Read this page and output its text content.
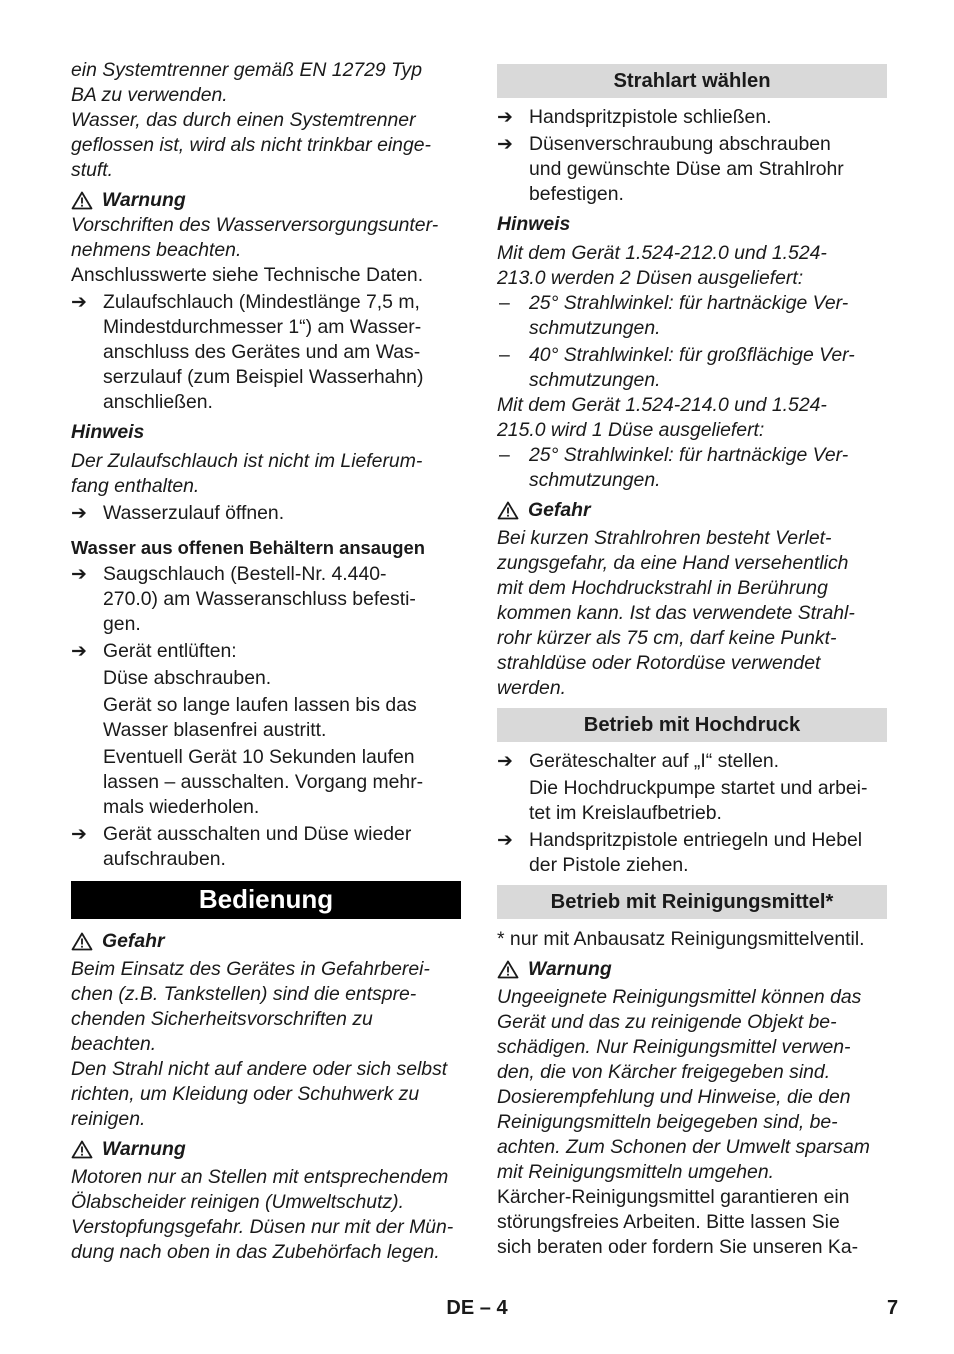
ein Systemtrenner gemäß EN 12729 Typ
BA zu verwenden.
Wasser, das durch einen Systemtrenner
geflossen ist, wird als nicht trinkbar einge-
stuft.
Warnung
Vorschriften des Wasserversorgungsunter-
nehmens beachten.
Anschlusswerte siehe Technische Daten.
➔ Zulaufschlauch (Mindestlänge 7,5 m,
Mindestdurchmesser 1“) am Wasser-
anschluss des Gerätes und am Was-
serzulauf (zum Beispiel Wasserhahn)
anschließen.
Hinweis
Der Zulaufschlauch ist nicht im Lieferum-
fang enthalten.
➔ Wasserzulauf öffnen.
Wasser aus offenen Behältern ansaugen
➔ Saugschlauch (Bestell-Nr. 4.440-
270.0) am Wasseranschluss befesti-
gen.
➔ Gerät entlüften:
Düse abschrauben.
Gerät so lange laufen lassen bis das
Wasser blasenfrei austritt.
Eventuell Gerät 10 Sekunden laufen
lassen – ausschalten. Vorgang mehr-
mals wiederholen.
➔ Gerät ausschalten und Düse wieder
aufschrauben.
Bedienung
Gefahr
Beim Einsatz des Gerätes in Gefahrberei-
chen (z.B. Tankstellen) sind die entspre-
chenden Sicherheitsvorschriften zu
beachten.
Den Strahl nicht auf andere oder sich selbst
richten, um Kleidung oder Schuhwerk zu
reinigen.
Warnung
Motoren nur an Stellen mit entsprechendem
Ölabscheider reinigen (Umweltschutz).
Verstopfungsgefahr. Düsen nur mit der Mün-
dung nach oben in das Zubehörfach legen.
Strahlart wählen
➔ Handspritzpistole schließen.
➔ Düsenverschraubung abschrauben
und gewünschte Düse am Strahlrohr
befestigen.
Hinweis
Mit dem Gerät 1.524-212.0 und 1.524-
213.0 werden 2 Düsen ausgeliefert:
– 25° Strahlwinkel: für hartnäckige Ver-
schmutzungen.
– 40° Strahlwinkel: für großflächige Ver-
schmutzungen.
Mit dem Gerät 1.524-214.0 und 1.524-
215.0 wird 1 Düse ausgeliefert:
– 25° Strahlwinkel: für hartnäckige Ver-
schmutzungen.
Gefahr
Bei kurzen Strahlrohren besteht Verlet-
zungsgefahr, da eine Hand versehentlich
mit dem Hochdruckstrahl in Berührung
kommen kann. Ist das verwendete Strahl-
rohr kürzer als 75 cm, darf keine Punkt-
strahldüse oder Rotordüse verwendet
werden.
Betrieb mit Hochdruck
➔ Geräteschalter auf „I“ stellen.
Die Hochdruckpumpe startet und arbei-
tet im Kreislaufbetrieb.
➔ Handspritzpistole entriegeln und Hebel
der Pistole ziehen.
Betrieb mit Reinigungsmittel*
* nur mit Anbausatz Reinigungsmittelventil.
Warnung
Ungeeignete Reinigungsmittel können das
Gerät und das zu reinigende Objekt be-
schädigen. Nur Reinigungsmittel verwen-
den, die von Kärcher freigegeben sind.
Dosierempfehlung und Hinweise, die den
Reinigungsmitteln beigegeben sind, be-
achten. Zum Schonen der Umwelt sparsam
mit Reinigungsmitteln umgehen.
Kärcher-Reinigungsmittel garantieren ein
störungsfreies Arbeiten. Bitte lassen Sie
sich beraten oder fordern Sie unseren Ka-
DE – 4	7
